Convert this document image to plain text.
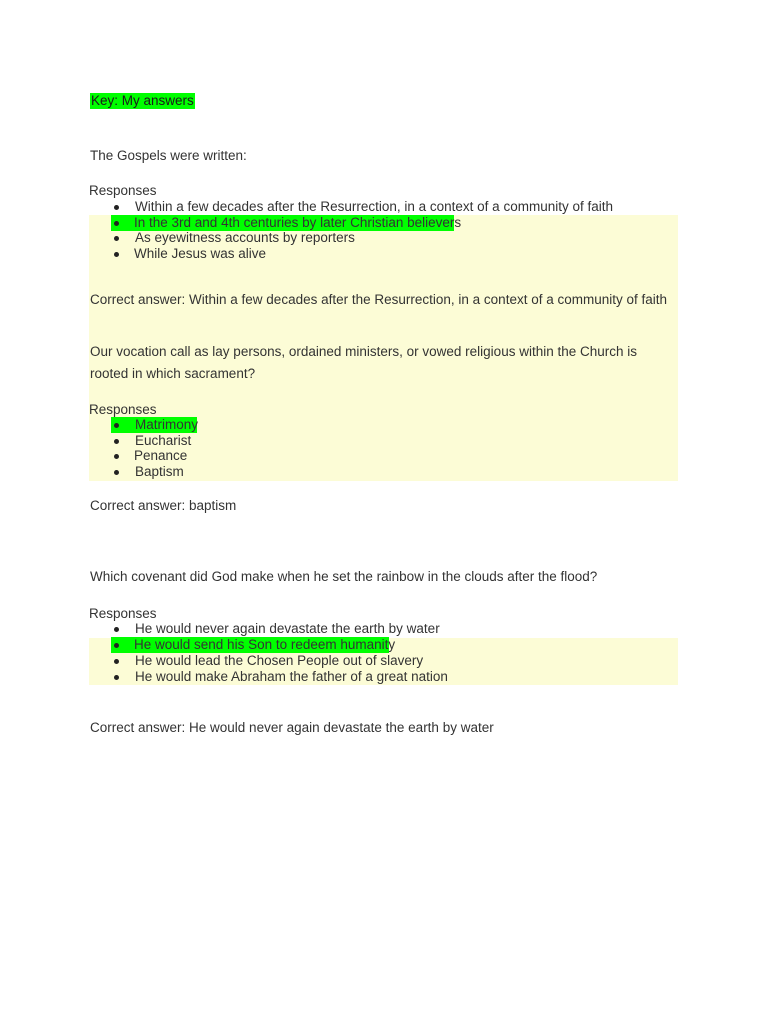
Key: My answers
The Gospels were written:
Responses
Within a few decades after the Resurrection, in a context of a community of faith
In the 3rd and 4th centuries by later Christian believers
As eyewitness accounts by reporters
While Jesus was alive
Correct answer: Within a few decades after the Resurrection, in a context of a community of faith
Our vocation call as lay persons, ordained ministers, or vowed religious within the Church is rooted in which sacrament?
Responses
Matrimony
Eucharist
Penance
Baptism
Correct answer: baptism
Which covenant did God make when he set the rainbow in the clouds after the flood?
Responses
He would never again devastate the earth by water
He would send his Son to redeem humanity
He would lead the Chosen People out of slavery
He would make Abraham the father of a great nation
Correct answer: He would never again devastate the earth by water
